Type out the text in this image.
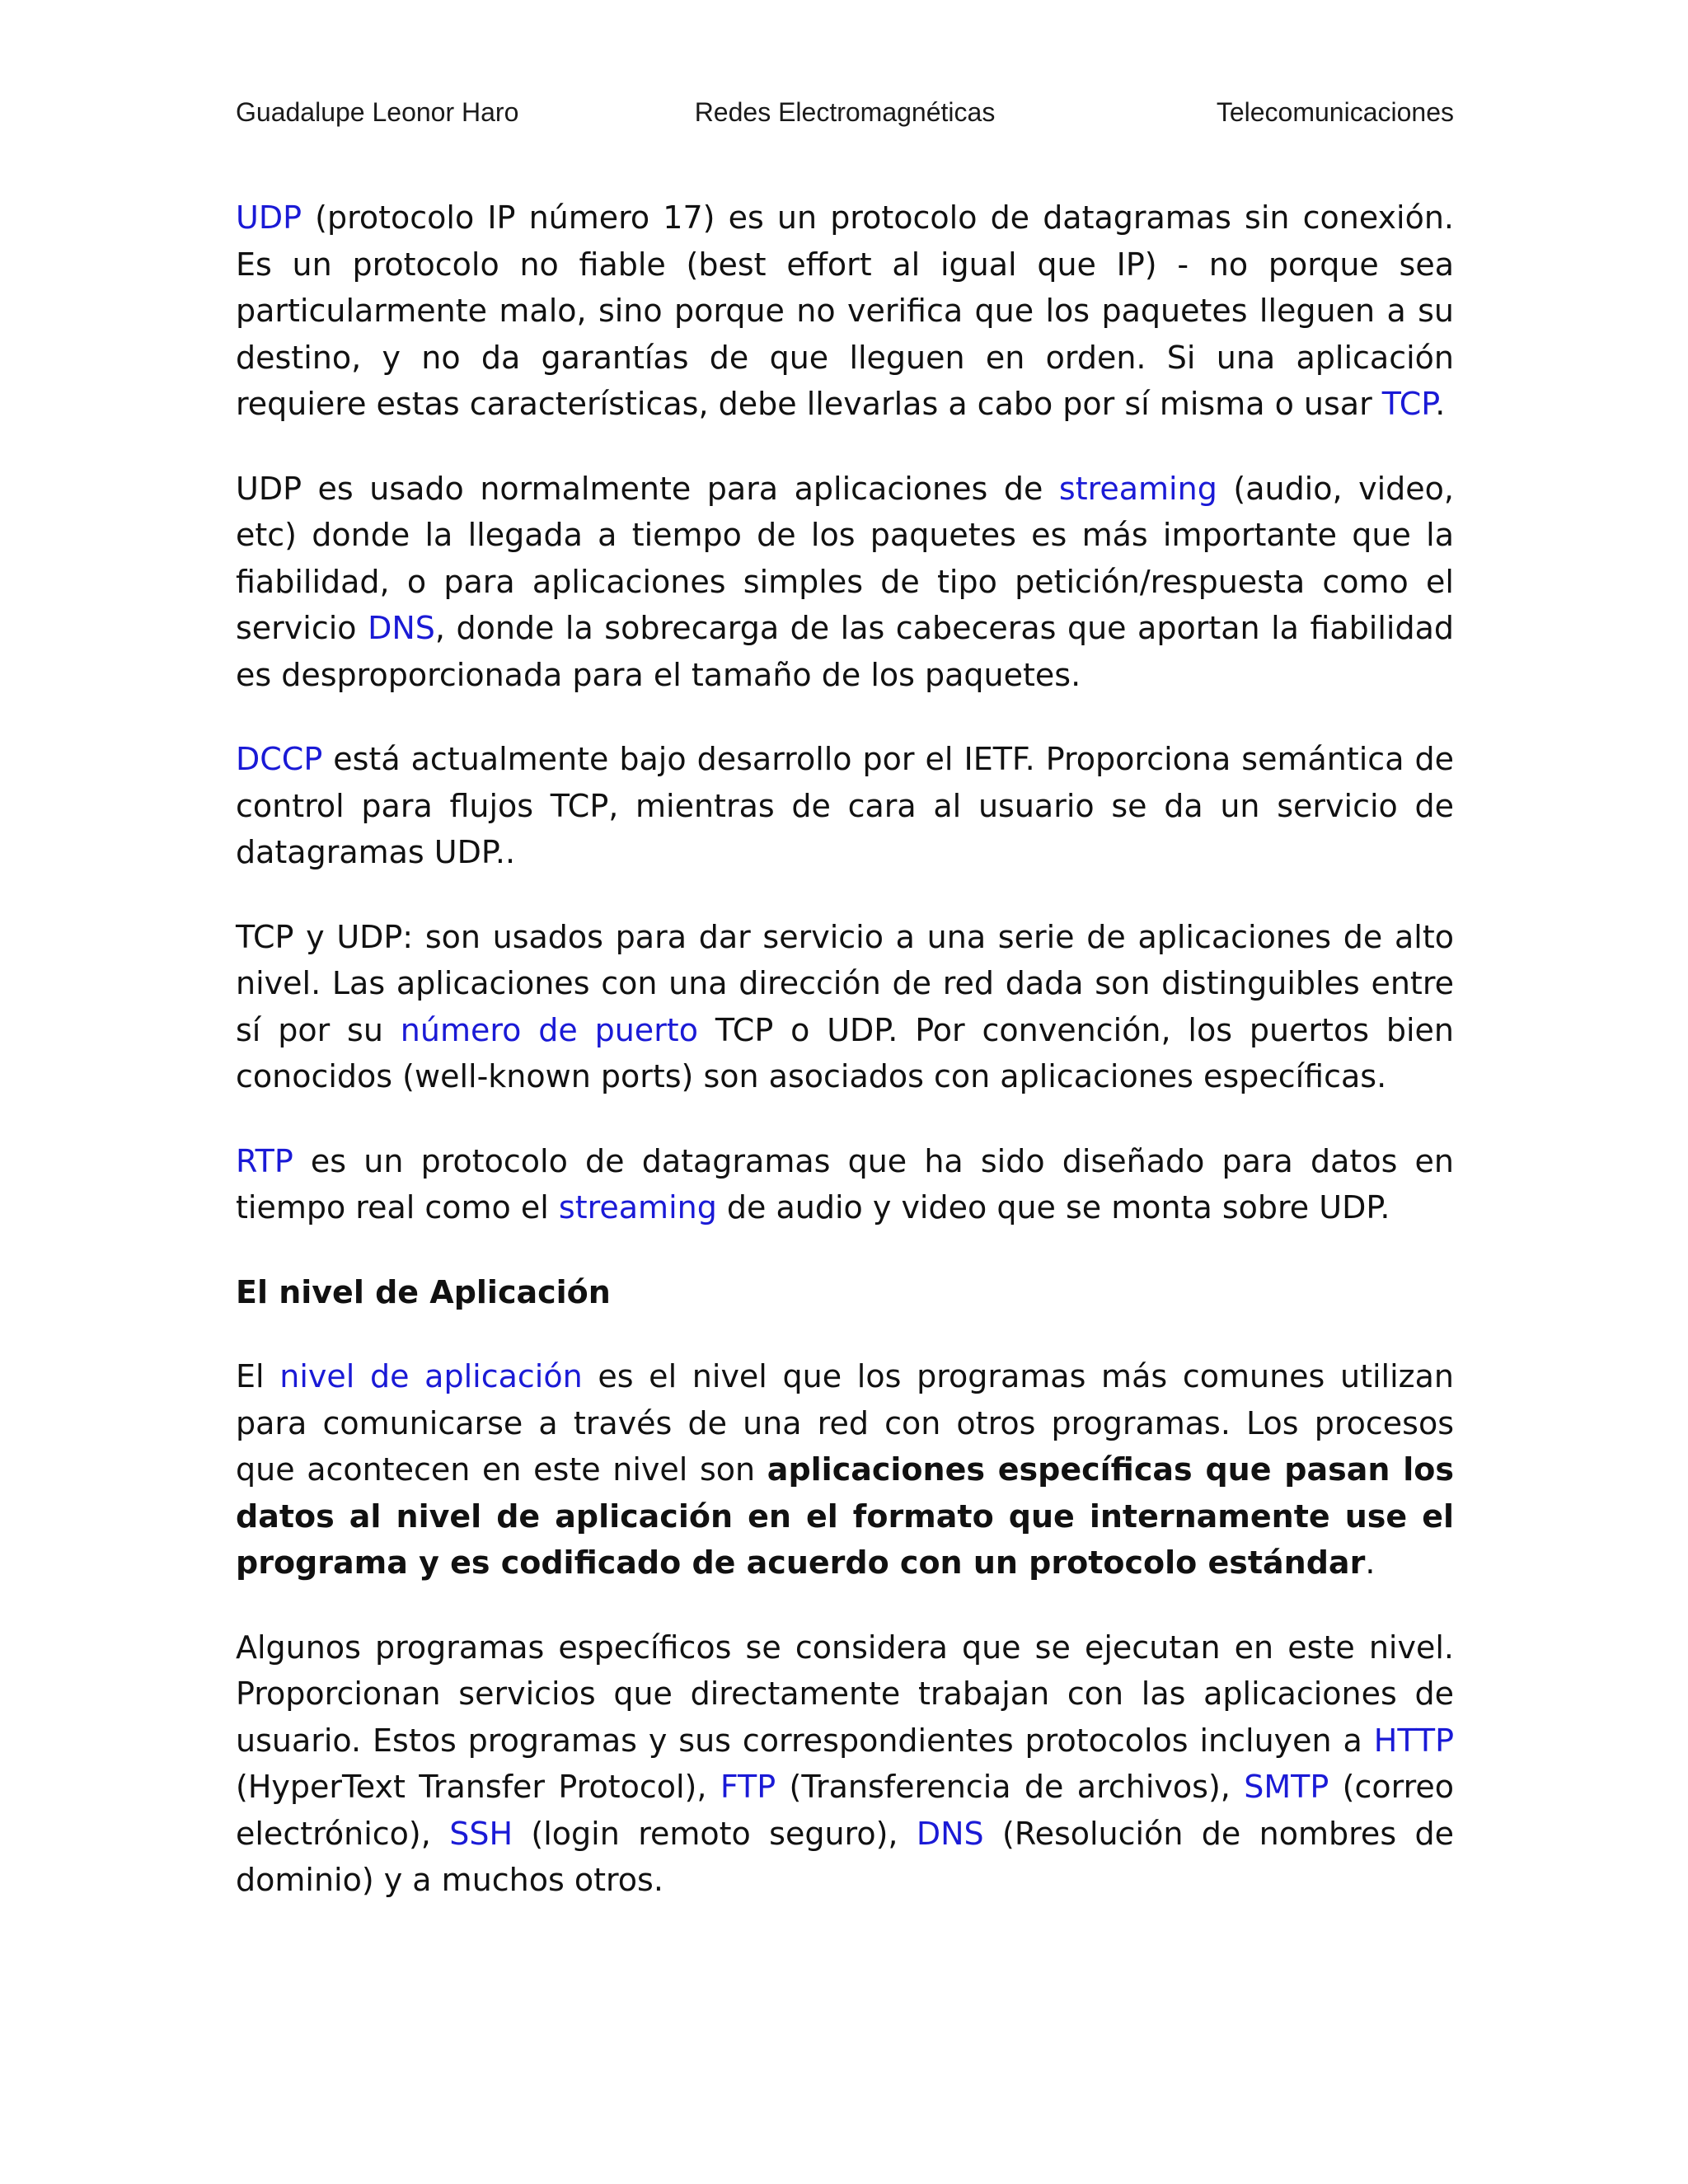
Guadalupe Leonor Haro	Redes Electromagnéticas	Telecomunicaciones

UDP (protocolo IP número 17) es un protocolo de datagramas sin conexión. Es un protocolo no fiable (best effort al igual que IP) - no porque sea particularmente malo, sino porque no verifica que los paquetes lleguen a su destino, y no da garantías de que lleguen en orden. Si una aplicación requiere estas características, debe llevarlas a cabo por sí misma o usar TCP.

UDP es usado normalmente para aplicaciones de streaming (audio, video, etc) donde la llegada a tiempo de los paquetes es más importante que la fiabilidad, o para aplicaciones simples de tipo petición/respuesta como el servicio DNS, donde la sobrecarga de las cabeceras que aportan la fiabilidad es desproporcionada para el tamaño de los paquetes.

DCCP está actualmente bajo desarrollo por el IETF. Proporciona semántica de control para flujos TCP, mientras de cara al usuario se da un servicio de datagramas UDP..

TCP y UDP: son usados para dar servicio a una serie de aplicaciones de alto nivel. Las aplicaciones con una dirección de red dada son distinguibles entre sí por su número de puerto TCP o UDP. Por convención, los puertos bien conocidos (well-known ports) son asociados con aplicaciones específicas.

RTP es un protocolo de datagramas que ha sido diseñado para datos en tiempo real como el streaming de audio y video que se monta sobre UDP.

El nivel de Aplicación

El nivel de aplicación es el nivel que los programas más comunes utilizan para comunicarse a través de una red con otros programas. Los procesos que acontecen en este nivel son aplicaciones específicas que pasan los datos al nivel de aplicación en el formato que internamente use el programa y es codificado de acuerdo con un protocolo estándar.

Algunos programas específicos se considera que se ejecutan en este nivel. Proporcionan servicios que directamente trabajan con las aplicaciones de usuario. Estos programas y sus correspondientes protocolos incluyen a HTTP (HyperText Transfer Protocol), FTP (Transferencia de archivos), SMTP (correo electrónico), SSH (login remoto seguro), DNS (Resolución de nombres de dominio) y a muchos otros.
